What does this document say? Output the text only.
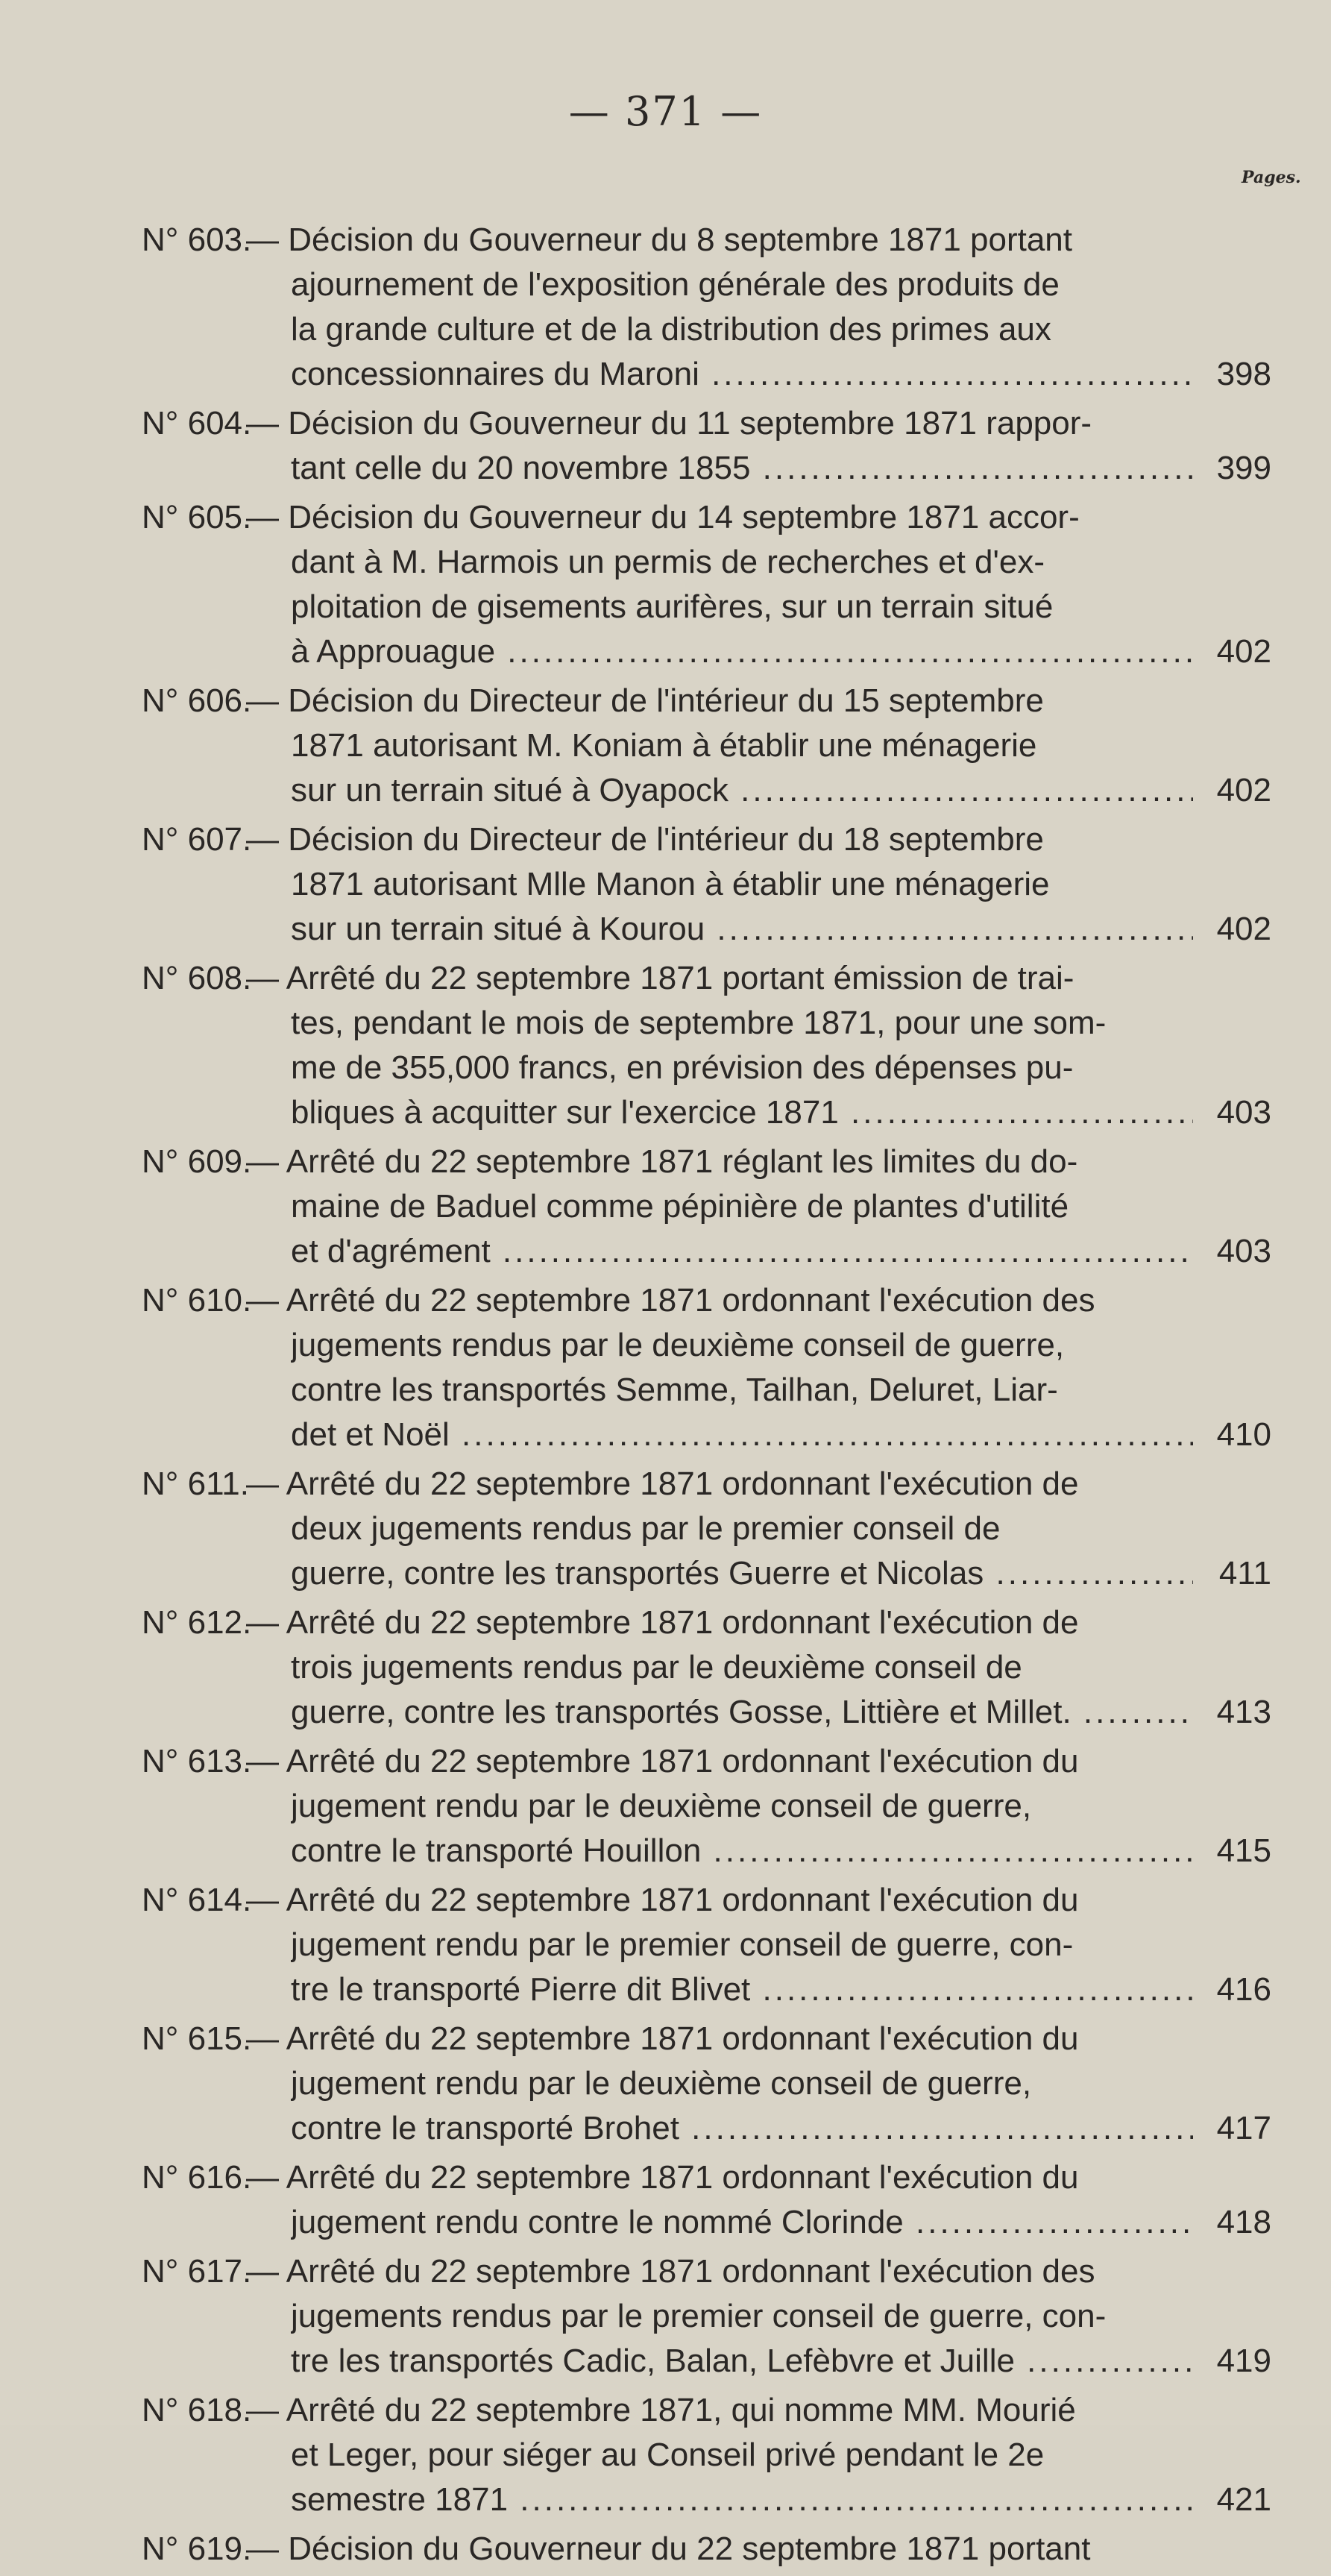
— 371 —
Pages.
N° 603.
— Décision du Gouverneur du 8 septembre 1871 portant
ajournement de l'exposition générale des produits de
la grande culture et de la distribution des primes aux
concessionnaires du Maroni .....	398
N° 604.
— Décision du Gouverneur du 11 septembre 1871 rappor-
tant celle du 20 novembre 1855 .....	399
N° 605.
— Décision du Gouverneur du 14 septembre 1871 accor-
dant à M. Harmois un permis de recherches et d'ex-
ploitation de gisements aurifères, sur un terrain situé
à Approuague .....	402
N° 606.
— Décision du Directeur de l'intérieur du 15 septembre
1871 autorisant M. Koniam à établir une ménagerie
sur un terrain situé à Oyapock .....	402
N° 607.
— Décision du Directeur de l'intérieur du 18 septembre
1871 autorisant Mlle Manon à établir une ménagerie
sur un terrain situé à Kourou .....	402
N° 608.
— Arrêté du 22 septembre 1871 portant émission de trai-
tes, pendant le mois de septembre 1871, pour une som-
me de 355,000 francs, en prévision des dépenses pu-
bliques à acquitter sur l'exercice 1871 .....	403
N° 609.
— Arrêté du 22 septembre 1871 réglant les limites du do-
maine de Baduel comme pépinière de plantes d'utilité
et d'agrément .....	403
N° 610.
— Arrêté du 22 septembre 1871 ordonnant l'exécution des
jugements rendus par le deuxième conseil de guerre,
contre les transportés Semme, Tailhan, Deluret, Liar-
det et Noël .....	410
N° 611.
— Arrêté du 22 septembre 1871 ordonnant l'exécution de
deux jugements rendus par le premier conseil de
guerre, contre les transportés Guerre et Nicolas .....	411
N° 612.
— Arrêté du 22 septembre 1871 ordonnant l'exécution de
trois jugements rendus par le deuxième conseil de
guerre, contre les transportés Gosse, Littière et Millet. .....	413
N° 613.
— Arrêté du 22 septembre 1871 ordonnant l'exécution du
jugement rendu par le deuxième conseil de guerre,
contre le transporté Houillon .....	415
N° 614.
— Arrêté du 22 septembre 1871 ordonnant l'exécution du
jugement rendu par le premier conseil de guerre, con-
tre le transporté Pierre dit Blivet .....	416
N° 615.
— Arrêté du 22 septembre 1871 ordonnant l'exécution du
jugement rendu par le deuxième conseil de guerre,
contre le transporté Brohet .....	417
N° 616.
— Arrêté du 22 septembre 1871 ordonnant l'exécution du
jugement rendu contre le nommé Clorinde .....	418
N° 617.
— Arrêté du 22 septembre 1871 ordonnant l'exécution des
jugements rendus par le premier conseil de guerre, con-
tre les transportés Cadic, Balan, Lefèbvre et Juille .....	419
N° 618.
— Arrêté du 22 septembre 1871, qui nomme MM. Mourié
et Leger, pour siéger au Conseil privé pendant le 2e
semestre 1871 .....	421
N° 619.
— Décision du Gouverneur du 22 septembre 1871 portant
